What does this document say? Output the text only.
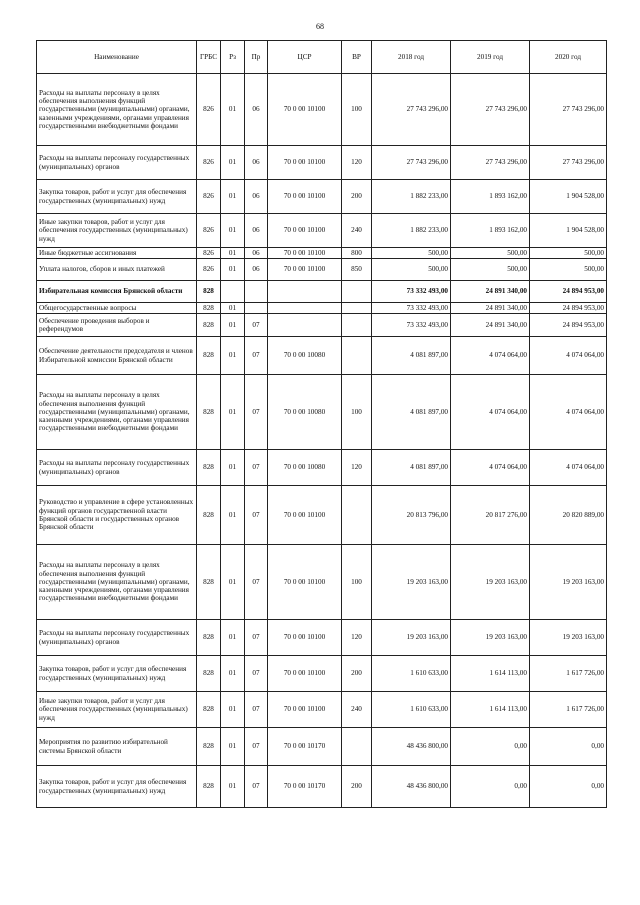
68
Наименование	ГРБС	Рз	Пр	ЦСР	ВР	2018 год	2019 год	2020 год
Расходы на выплаты персоналу в целях обеспечения выполнения функций государственными (муниципальными) органами, казенными учреждениями, органами управления государственными внебюджетными фондами	826	01	06	70 0 00 10100	100	27 743 296,00	27 743 296,00	27 743 296,00
Расходы на выплаты персоналу государственных (муниципальных) органов	826	01	06	70 0 00 10100	120	27 743 296,00	27 743 296,00	27 743 296,00
Закупка товаров, работ и услуг для обеспечения государственных (муниципальных) нужд	826	01	06	70 0 00 10100	200	1 882 233,00	1 893 162,00	1 904 528,00
Иные закупки товаров, работ и услуг для обеспечения государственных (муниципальных) нужд	826	01	06	70 0 00 10100	240	1 882 233,00	1 893 162,00	1 904 528,00
Иные бюджетные ассигнования	826	01	06	70 0 00 10100	800	500,00	500,00	500,00
Уплата налогов, сборов и иных платежей	826	01	06	70 0 00 10100	850	500,00	500,00	500,00
Избирательная комиссия Брянской области	828					73 332 493,00	24 891 340,00	24 894 953,00
Общегосударственные вопросы	828	01				73 332 493,00	24 891 340,00	24 894 953,00
Обеспечение проведения выборов и референдумов	828	01	07			73 332 493,00	24 891 340,00	24 894 953,00
Обеспечение деятельности председателя и членов Избирательной комиссии Брянской области	828	01	07	70 0 00 10080		4 081 897,00	4 074 064,00	4 074 064,00
Расходы на выплаты персоналу в целях обеспечения выполнения функций государственными (муниципальными) органами, казенными учреждениями, органами управления государственными внебюджетными фондами	828	01	07	70 0 00 10080	100	4 081 897,00	4 074 064,00	4 074 064,00
Расходы на выплаты персоналу государственных (муниципальных) органов	828	01	07	70 0 00 10080	120	4 081 897,00	4 074 064,00	4 074 064,00
Руководство и управление в сфере установленных функций органов государственной власти Брянской области и государственных органов Брянской области	828	01	07	70 0 00 10100		20 813 796,00	20 817 276,00	20 820 889,00
Расходы на выплаты персоналу в целях обеспечения выполнения функций государственными (муниципальными) органами, казенными учреждениями, органами управления государственными внебюджетными фондами	828	01	07	70 0 00 10100	100	19 203 163,00	19 203 163,00	19 203 163,00
Расходы на выплаты персоналу государственных (муниципальных) органов	828	01	07	70 0 00 10100	120	19 203 163,00	19 203 163,00	19 203 163,00
Закупка товаров, работ и услуг для обеспечения государственных (муниципальных) нужд	828	01	07	70 0 00 10100	200	1 610 633,00	1 614 113,00	1 617 726,00
Иные закупки товаров, работ и услуг для обеспечения государственных (муниципальных) нужд	828	01	07	70 0 00 10100	240	1 610 633,00	1 614 113,00	1 617 726,00
Мероприятия по развитию избирательной системы Брянской области	828	01	07	70 0 00 10170		48 436 800,00	0,00	0,00
Закупка товаров, работ и услуг для обеспечения государственных (муниципальных) нужд	828	01	07	70 0 00 10170	200	48 436 800,00	0,00	0,00
